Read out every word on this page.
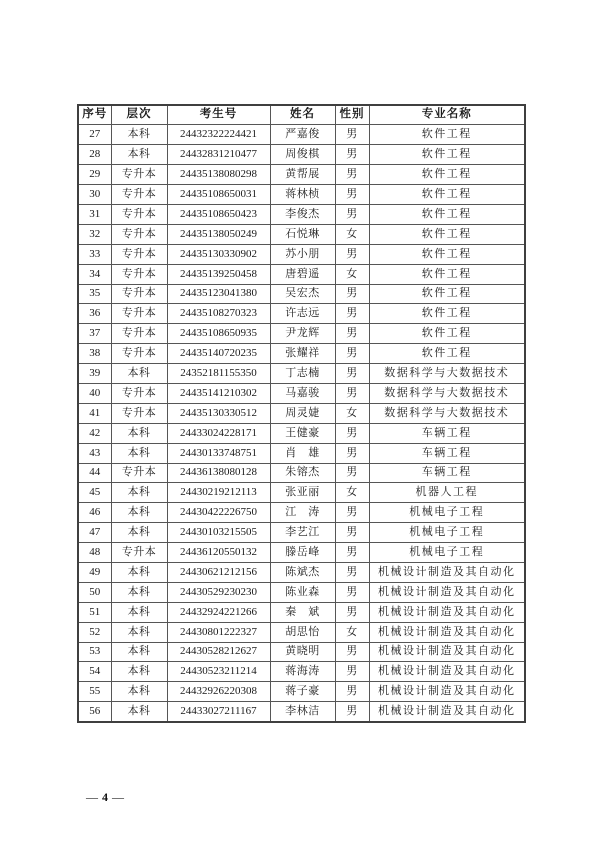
序号	层次	考生号	姓名	性别	专业名称
27	本科	24432322224421	严嘉俊	男	软件工程
28	本科	24432831210477	周俊棋	男	软件工程
29	专升本	24435138080298	黄帮展	男	软件工程
30	专升本	24435108650031	蒋林桢	男	软件工程
31	专升本	24435108650423	李俊杰	男	软件工程
32	专升本	24435138050249	石悦琳	女	软件工程
33	专升本	24435130330902	苏小朋	男	软件工程
34	专升本	24435139250458	唐碧遥	女	软件工程
35	专升本	24435123041380	吴宏杰	男	软件工程
36	专升本	24435108270323	许志远	男	软件工程
37	专升本	24435108650935	尹龙辉	男	软件工程
38	专升本	24435140720235	张耀祥	男	软件工程
39	本科	24352181155350	丁志楠	男	数据科学与大数据技术
40	专升本	24435141210302	马嘉骏	男	数据科学与大数据技术
41	专升本	24435130330512	周灵婕	女	数据科学与大数据技术
42	本科	24433024228171	王健豪	男	车辆工程
43	本科	24430133748751	肖　雄	男	车辆工程
44	专升本	24436138080128	朱镕杰	男	车辆工程
45	本科	24430219212113	张亚丽	女	机器人工程
46	本科	24430422226750	江　涛	男	机械电子工程
47	本科	24430103215505	李艺江	男	机械电子工程
48	专升本	24436120550132	滕岳峰	男	机械电子工程
49	本科	24430621212156	陈斌杰	男	机械设计制造及其自动化
50	本科	24430529230230	陈业森	男	机械设计制造及其自动化
51	本科	24432924221266	秦　斌	男	机械设计制造及其自动化
52	本科	24430801222327	胡思怡	女	机械设计制造及其自动化
53	本科	24430528212627	黄晓明	男	机械设计制造及其自动化
54	本科	24430523211214	蒋海涛	男	机械设计制造及其自动化
55	本科	24432926220308	蒋子豪	男	机械设计制造及其自动化
56	本科	24433027211167	李林洁	男	机械设计制造及其自动化
— 4 —
